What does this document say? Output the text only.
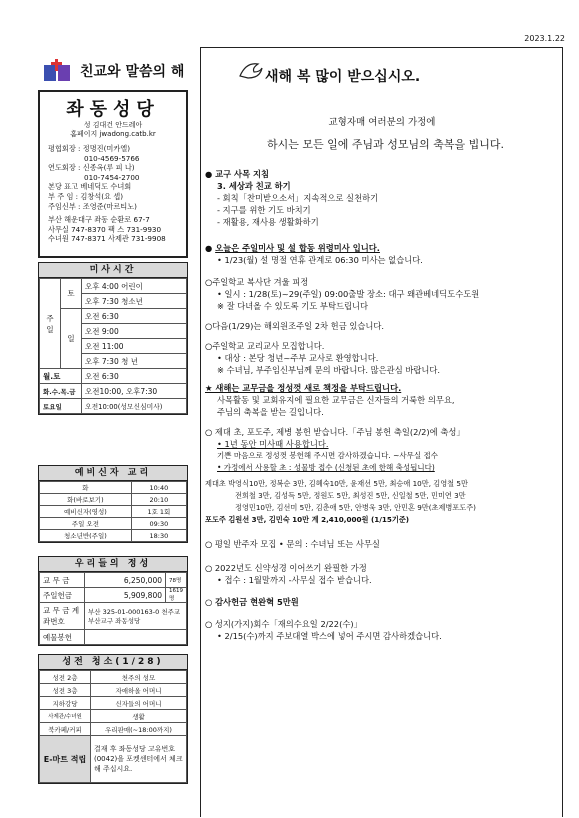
2023.1.22
친교와 말씀의 해
좌동성당
성 김대건 안드레아
홈페이지 jwadong.catb.kr
평협회장 : 정명진(미카엘)
010-4569-5766
연도회장 : 신종옥(루 피 나)
010-7454-2700
본당 표고 베네딕도 수녀회
부 주 임 : 김창석(요 셉)
주임신부 : 조영준(마르티노)
부산 해운대구 좌동 순환로 67-7
사무실 747-8370 팩 스 731-9930
수녀원 747-8371 사제관 731-9908
미사시간
주일	토	오후 4:00 어린이
		오후 7:30 청소년
	일	오전 6:30
		오전 9:00
		오전 11:00
		오후 7:30 청 년
월.토		오전 6:30
화.수.목.금		오전10:00, 오후7:30
토요일		오전10:00(성모신심미사)
예비신자 교리
화	10:40
화(바로보기)	20:10
예비신자(영성)	1호 1회
주일 오전	09:30
청소년반(주일)	18:30
우리들의 정성
교 무 금	6,250,000	78명
주일헌금	5,909,800	1619명
교 무 금 계좌번호	부산 325-01-000163-0 천주교부산교구 좌동성당	
예물봉헌		
성전 청소(1/28)
성전 2층	천주의 성모
성전 3층	자애하올 어머니
지하강당	신자들의 어머니
사제관/수녀원	생활
북카페/커피	우리판매(~18:00까지)
E-마트 적립	결재 후 좌동성당 고유번호(0042)을 포켓센터에서 체크해 주십시요.
새해 복 많이 받으십시오.
교형자매 여러분의 가정에
하시는 모든 일에 주님과 성모님의 축복을 빕니다.
● 교구 사목 지침
3. 세상과 친교 하기
- 회칙「찬미받으소서」지속적으로 실천하기
- 지구를 위한 기도 바치기
- 재활용, 재사용 생활화하기
● 오늘은 주일미사 및 설 합동 위령미사 입니다.
• 1/23(월) 설 명절 연휴 관계로 06:30 미사는 없습니다.
○주일학교 복사단 겨울 피정
• 일시 : 1/28(토)~29(주일) 09:00출발 장소: 대구 왜관베네딕도수도원
※ 잘 다녀올 수 있도록 기도 부탁드립니다
○다음(1/29)는 해외원조주일 2차 헌금 있습니다.
○주일학교 교리교사 모집합니다.
• 대상 : 본당 청년~주부 교사로 환영합니다.
※ 수녀님, 부주임신부님께 문의 바랍니다. 많은관심 바랍니다.
★ 새해는 교무금을 정성껏 새로 책정을 부탁드립니다.
사목활동 및 교회유지에 필요한 교무금은 신자들의 거룩한 의무요,
주님의 축복을 받는 길입니다.
○ 제대 초, 포도주, 제병 봉헌 받습니다.「주님 봉헌 축일(2/2)에 축성」
• 1년 동안 미사때 사용합니다.
기쁜 마음으로 정성껏 봉헌해 주시면 감사하겠습니다. ~사무실 접수
• 가정에서 사용할 초 : 성물방 접수 (신청된 초에 한해 축성됩니다)
제대초 박영식10만, 정복순 3만, 김혜숙10만, 윤재선 5만, 최승애 10만, 김영철 5만
전희철 3만, 김성득 5만, 정원도 5만, 최성진 5만, 신일철 5만, 민미연 3만
정영민10만, 김선미 5만, 김춘애 5만, 안병욱 3만, 안민혼 9만(초제병포도주)
포도주 김원선 3만, 김민숙 10만 계 2,410,000원 (1/15기준)
○ 평일 반주자 모집 • 문의 : 수녀님 또는 사무실
○ 2022년도 신약성경 이어쓰기 완필한 가정
• 접수 : 1월말까지 -사무실 접수 받습니다.
○ 감사헌금 현완혁 5만원
○ 성지(가지)회수「재의수요일 2/22(수)」
• 2/15(수)까지 주보대열 박스에 넣어 주시면 감사하겠습니다.
